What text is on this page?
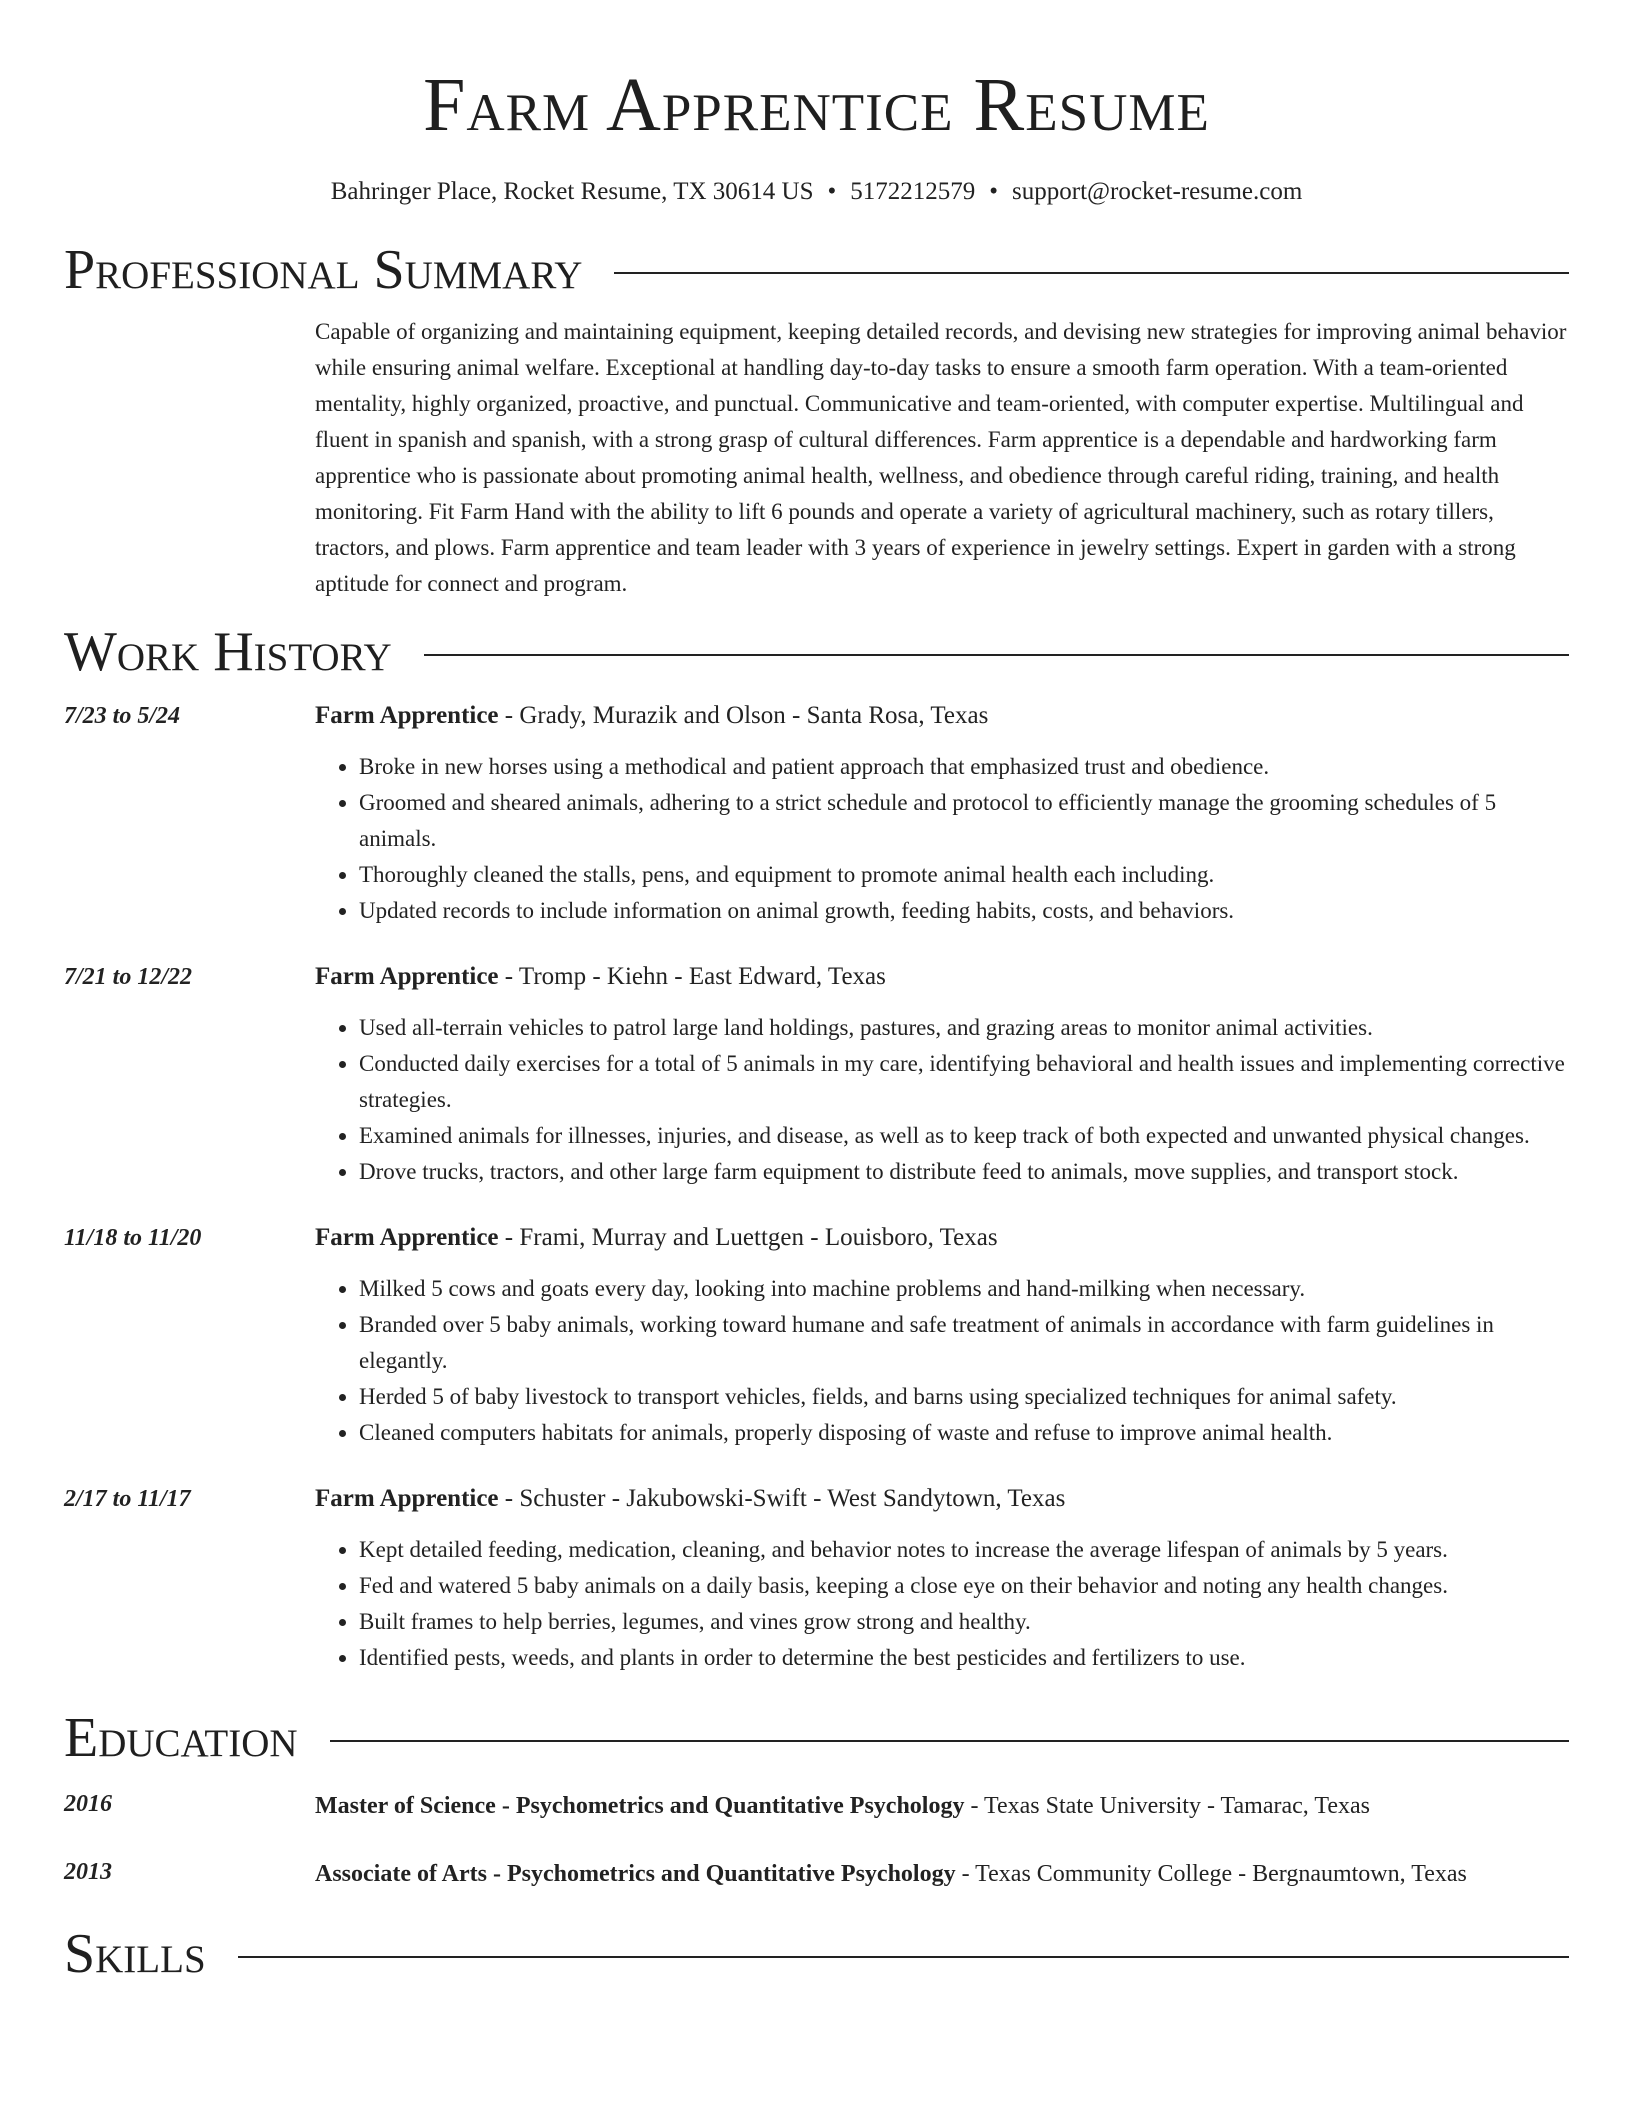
Farm Apprentice Resume
Bahringer Place, Rocket Resume, TX 30614 US • 5172212579 • support@rocket-resume.com
Professional Summary
Capable of organizing and maintaining equipment, keeping detailed records, and devising new strategies for improving animal behavior while ensuring animal welfare. Exceptional at handling day-to-day tasks to ensure a smooth farm operation. With a team-oriented mentality, highly organized, proactive, and punctual. Communicative and team-oriented, with computer expertise. Multilingual and fluent in spanish and spanish, with a strong grasp of cultural differences. Farm apprentice is a dependable and hardworking farm apprentice who is passionate about promoting animal health, wellness, and obedience through careful riding, training, and health monitoring. Fit Farm Hand with the ability to lift 6 pounds and operate a variety of agricultural machinery, such as rotary tillers, tractors, and plows. Farm apprentice and team leader with 3 years of experience in jewelry settings. Expert in garden with a strong aptitude for connect and program.
Work History
7/23 to 5/24	Farm Apprentice - Grady, Murazik and Olson - Santa Rosa, Texas
• Broke in new horses using a methodical and patient approach that emphasized trust and obedience.
• Groomed and sheared animals, adhering to a strict schedule and protocol to efficiently manage the grooming schedules of 5 animals.
• Thoroughly cleaned the stalls, pens, and equipment to promote animal health each including.
• Updated records to include information on animal growth, feeding habits, costs, and behaviors.
7/21 to 12/22	Farm Apprentice - Tromp - Kiehn - East Edward, Texas
• Used all-terrain vehicles to patrol large land holdings, pastures, and grazing areas to monitor animal activities.
• Conducted daily exercises for a total of 5 animals in my care, identifying behavioral and health issues and implementing corrective strategies.
• Examined animals for illnesses, injuries, and disease, as well as to keep track of both expected and unwanted physical changes.
• Drove trucks, tractors, and other large farm equipment to distribute feed to animals, move supplies, and transport stock.
11/18 to 11/20	Farm Apprentice - Frami, Murray and Luettgen - Louisboro, Texas
• Milked 5 cows and goats every day, looking into machine problems and hand-milking when necessary.
• Branded over 5 baby animals, working toward humane and safe treatment of animals in accordance with farm guidelines in elegantly.
• Herded 5 of baby livestock to transport vehicles, fields, and barns using specialized techniques for animal safety.
• Cleaned computers habitats for animals, properly disposing of waste and refuse to improve animal health.
2/17 to 11/17	Farm Apprentice - Schuster - Jakubowski-Swift - West Sandytown, Texas
• Kept detailed feeding, medication, cleaning, and behavior notes to increase the average lifespan of animals by 5 years.
• Fed and watered 5 baby animals on a daily basis, keeping a close eye on their behavior and noting any health changes.
• Built frames to help berries, legumes, and vines grow strong and healthy.
• Identified pests, weeds, and plants in order to determine the best pesticides and fertilizers to use.
Education
2016	Master of Science - Psychometrics and Quantitative Psychology - Texas State University - Tamarac, Texas
2013	Associate of Arts - Psychometrics and Quantitative Psychology - Texas Community College - Bergnaumtown, Texas
Skills
